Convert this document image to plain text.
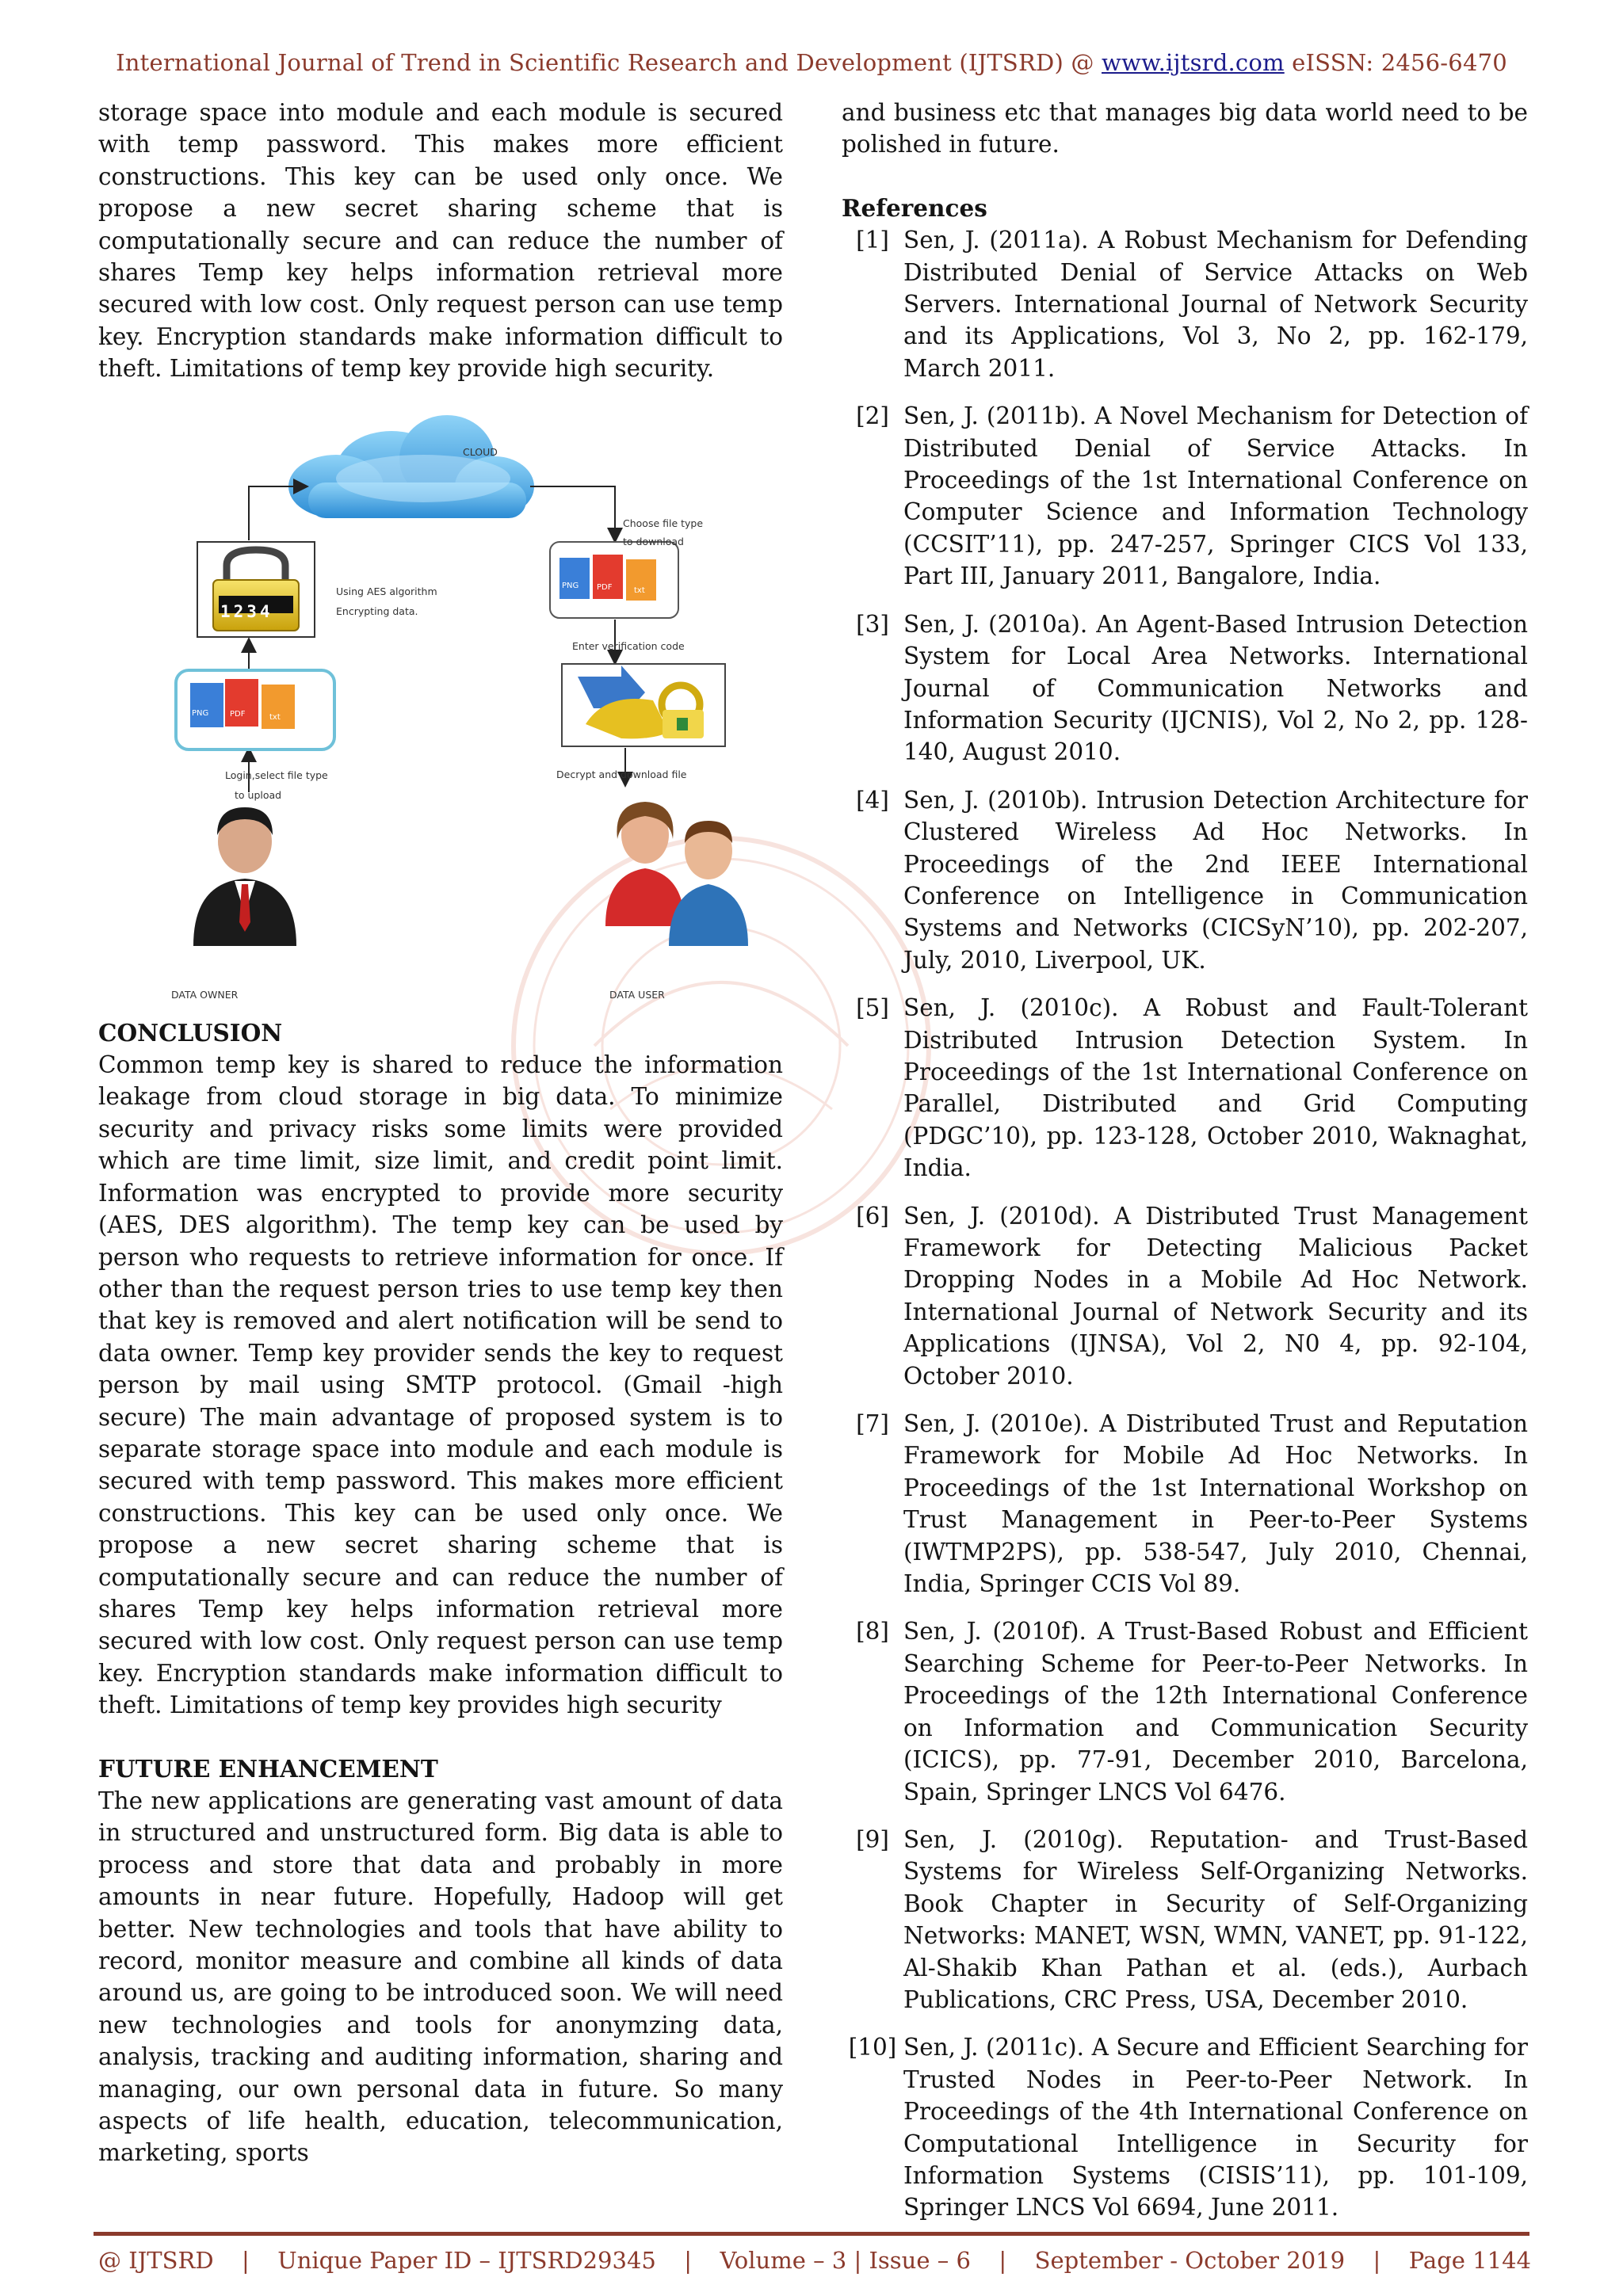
International Journal of Trend in Scientific Research and Development (IJTSRD) @ www.ijtsrd.com eISSN: 2456-6470

storage space into module and each module is secured with temp password. This makes more efficient constructions. This key can be used only once. We propose a new secret sharing scheme that is computationally secure and can reduce the number of shares Temp key helps information retrieval more secured with low cost. Only request person can use temp key. Encryption standards make information difficult to theft. Limitations of temp key provide high security.

CLOUD
Choose file type
to download
Using AES algorithm
Encrypting data.
1234
Enter verification code
Login,select file type
to upload
Decrypt and download file
DATA OWNER	DATA USER
PNG	PDF	txt
PNG PDF	txt
CONCLUSION

Common temp key is shared to reduce the information leakage from cloud storage in big data. To minimize security and privacy risks some limits were provided which are time limit, size limit, and credit point limit. Information was encrypted to provide more security (AES, DES algorithm). The temp key can be used by person who requests to retrieve information for once. If other than the request person tries to use temp key then that key is removed and alert notification will be send to data owner. Temp key provider sends the key to request person by mail using SMTP protocol. (Gmail -high secure) The main advantage of proposed system is to separate storage space into module and each module is secured with temp password. This makes more efficient constructions. This key can be used only once. We propose a new secret sharing scheme that is computationally secure and can reduce the number of shares Temp key helps information retrieval more secured with low cost. Only request person can use temp key. Encryption standards make information difficult to theft. Limitations of temp key provides high security

FUTURE ENHANCEMENT

The new applications are generating vast amount of data in structured and unstructured form. Big data is able to process and store that data and probably in more amounts in near future. Hopefully, Hadoop will get better. New technologies and tools that have ability to record, monitor measure and combine all kinds of data around us, are going to be introduced soon. We will need new technologies and tools for anonymzing data, analysis, tracking and auditing information, sharing and managing, our own personal data in future. So many aspects of life health, education, telecommunication, marketing, sports

and business etc that manages big data world need to be polished in future.

References
[1] Sen, J. (2011a). A Robust Mechanism for Defending Distributed Denial of Service Attacks on Web Servers. International Journal of Network Security and its Applications, Vol 3, No 2, pp. 162-179, March 2011.
[2] Sen, J. (2011b). A Novel Mechanism for Detection of Distributed Denial of Service Attacks. In Proceedings of the 1st International Conference on Computer Science and Information Technology (CCSIT’11), pp. 247-257, Springer CICS Vol 133, Part III, January 2011, Bangalore, India.
[3] Sen, J. (2010a). An Agent-Based Intrusion Detection System for Local Area Networks. International Journal of Communication Networks and Information Security (IJCNIS), Vol 2, No 2, pp. 128-140, August 2010.
[4] Sen, J. (2010b). Intrusion Detection Architecture for Clustered Wireless Ad Hoc Networks. In Proceedings of the 2nd IEEE International Conference on Intelligence in Communication Systems and Networks (CICSyN’10), pp. 202-207, July, 2010, Liverpool, UK.
[5] Sen, J. (2010c). A Robust and Fault-Tolerant Distributed Intrusion Detection System. In Proceedings of the 1st International Conference on Parallel, Distributed and Grid Computing (PDGC’10), pp. 123-128, October 2010, Waknaghat, India.
[6] Sen, J. (2010d). A Distributed Trust Management Framework for Detecting Malicious Packet Dropping Nodes in a Mobile Ad Hoc Network. International Journal of Network Security and its Applications (IJNSA), Vol 2, N0 4, pp. 92-104, October 2010.
[7] Sen, J. (2010e). A Distributed Trust and Reputation Framework for Mobile Ad Hoc Networks. In Proceedings of the 1st International Workshop on Trust Management in Peer-to-Peer Systems (IWTMP2PS), pp. 538-547, July 2010, Chennai, India, Springer CCIS Vol 89.
[8] Sen, J. (2010f). A Trust-Based Robust and Efficient Searching Scheme for Peer-to-Peer Networks. In Proceedings of the 12th International Conference on Information and Communication Security (ICICS), pp. 77-91, December 2010, Barcelona, Spain, Springer LNCS Vol 6476.
[9] Sen, J. (2010g). Reputation- and Trust-Based Systems for Wireless Self-Organizing Networks. Book Chapter in Security of Self-Organizing Networks: MANET, WSN, WMN, VANET, pp. 91-122, Al-Shakib Khan Pathan et al. (eds.), Aurbach Publications, CRC Press, USA, December 2010.
[10] Sen, J. (2011c). A Secure and Efficient Searching for Trusted Nodes in Peer-to-Peer Network. In Proceedings of the 4th International Conference on Computational Intelligence in Security for Information Systems (CISIS’11), pp. 101-109, Springer LNCS Vol 6694, June 2011.
@ IJTSRD | Unique Paper ID – IJTSRD29345 | Volume – 3 | Issue – 6 | September - October 2019 | Page 1144
